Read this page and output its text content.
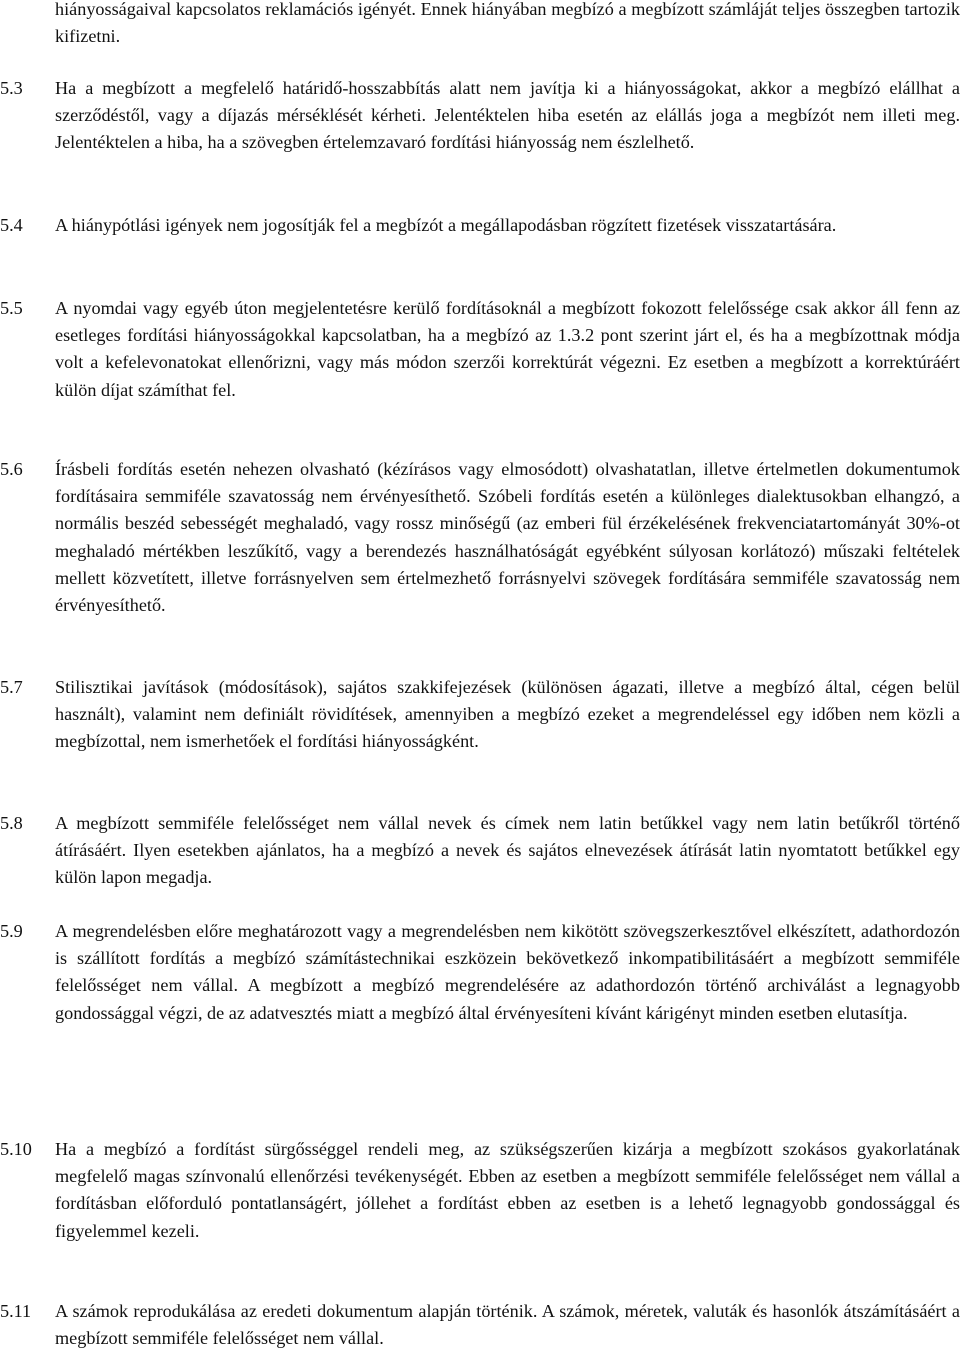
hiányosságaival kapcsolatos reklamációs igényét. Ennek hiányában megbízó a megbízott számláját teljes összegben tartozik kifizetni.
5.3 Ha a megbízott a megfelelő határidő-hosszabbítás alatt nem javítja ki a hiányosságokat, akkor a megbízó elállhat a szerződéstől, vagy a díjazás mérséklését kérheti. Jelentéktelen hiba esetén az elállás joga a megbízót nem illeti meg. Jelentéktelen a hiba, ha a szövegben értelemzavaró fordítási hiányosság nem észlelhető.
5.4 A hiánypótlási igények nem jogosítják fel a megbízót a megállapodásban rögzített fizetések visszatartására.
5.5 A nyomdai vagy egyéb úton megjelentetésre kerülő fordításoknál a megbízott fokozott felelőssége csak akkor áll fenn az esetleges fordítási hiányosságokkal kapcsolatban, ha a megbízó az 1.3.2 pont szerint járt el, és ha a megbízottnak módja volt a kefelevonatokat ellenőrizni, vagy más módon szerzői korrektúrát végezni. Ez esetben a megbízott a korrektúráért külön díjat számíthat fel.
5.6 Írásbeli fordítás esetén nehezen olvasható (kézírásos vagy elmosódott) olvashatatlan, illetve értelmetlen dokumentumok fordításaira semmiféle szavatosság nem érvényesíthető. Szóbeli fordítás esetén a különleges dialektusokban elhangzó, a normális beszéd sebességét meghaladó, vagy rossz minőségű (az emberi fül érzékelésének frekvenciatartományát 30%-ot meghaladó mértékben leszűkítő, vagy a berendezés használhatóságát egyébként súlyosan korlátozó) műszaki feltételek mellett közvetített, illetve forrásnyelven sem értelmezhető forrásnyelvi szövegek fordítására semmiféle szavatosság nem érvényesíthető.
5.7 Stilisztikai javítások (módosítások), sajátos szakkifejezések (különösen ágazati, illetve a megbízó által, cégen belül használt), valamint nem definiált rövidítések, amennyiben a megbízó ezeket a megrendeléssel egy időben nem közli a megbízottal, nem ismerhetőek el fordítási hiányosságként.
5.8 A megbízott semmiféle felelősséget nem vállal nevek és címek nem latin betűkkel vagy nem latin betűkről történő átírásáért. Ilyen esetekben ajánlatos, ha a megbízó a nevek és sajátos elnevezések átírását latin nyomtatott betűkkel egy külön lapon megadja.
5.9 A megrendelésben előre meghatározott vagy a megrendelésben nem kikötött szövegszerkesztővel elkészített, adathordozón is szállított fordítás a megbízó számítástechnikai eszközein bekövetkező inkompatibilitásáért a megbízott semmiféle felelősséget nem vállal. A megbízott a megbízó megrendelésére az adathordozón történő archiválást a legnagyobb gondossággal végzi, de az adatvesztés miatt a megbízó által érvényesíteni kívánt kárigényt minden esetben elutasítja.
5.10 Ha a megbízó a fordítást sürgősséggel rendeli meg, az szükségszerűen kizárja a megbízott szokásos gyakorlatának megfelelő magas színvonalú ellenőrzési tevékenységét. Ebben az esetben a megbízott semmiféle felelősséget nem vállal a fordításban előforduló pontatlanságért, jóllehet a fordítást ebben az esetben is a lehető legnagyobb gondossággal és figyelemmel kezeli.
5.11 A számok reprodukálása az eredeti dokumentum alapján történik. A számok, méretek, valuták és hasonlók átszámításáért a megbízott semmiféle felelősséget nem vállal.
